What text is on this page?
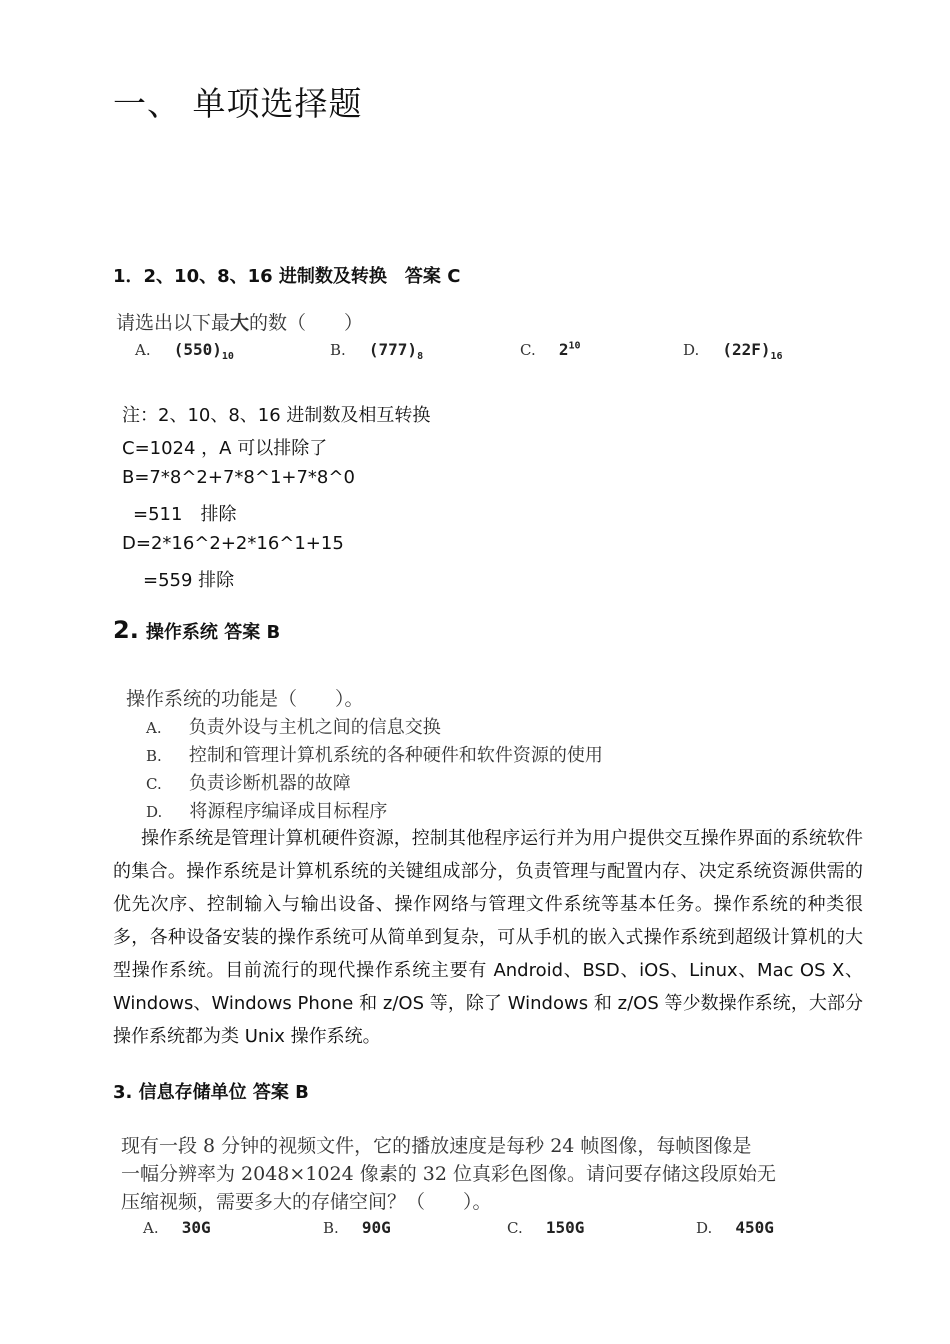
一、 单项选择题
1．2、10、8、16 进制数及转换　答案 C
请选出以下最大的数（　　）
A. $(550)_{10}$	B. $(777)_8$	C. $2^{10}$	D. $(22F)_{16}$
注：2、10、8、16 进制数及相互转换
C=1024 ，A 可以排除了
B=7*8^2+7*8^1+7*8^0
=511　排除
D=2*16^2+2*16^1+15
=559 排除
2. 操作系统 答案 B
操作系统的功能是（　　）。
A. 负责外设与主机之间的信息交换
B. 控制和管理计算机系统的各种硬件和软件资源的使用
C. 负责诊断机器的故障
D. 将源程序编译成目标程序
操作系统是管理计算机硬件资源，控制其他程序运行并为用户提供交互操作界面的系统软件的集合。操作系统是计算机系统的关键组成部分，负责管理与配置内存、决定系统资源供需的优先次序、控制输入与输出设备、操作网络与管理文件系统等基本任务。操作系统的种类很多，各种设备安装的操作系统可从简单到复杂，可从手机的嵌入式操作系统到超级计算机的大型操作系统。目前流行的现代操作系统主要有 Android、BSD、iOS、Linux、Mac OS X、Windows、Windows Phone 和 z/OS 等，除了 Windows 和 z/OS 等少数操作系统，大部分操作系统都为类 Unix 操作系统。
3. 信息存储单位 答案 B
现有一段 8 分钟的视频文件，它的播放速度是每秒 24 帧图像，每帧图像是
一幅分辨率为 2048×1024 像素的 32 位真彩色图像。请问要存储这段原始无
压缩视频，需要多大的存储空间？（　　）。
A. 30G	B. 90G	C. 150G	D. 450G
